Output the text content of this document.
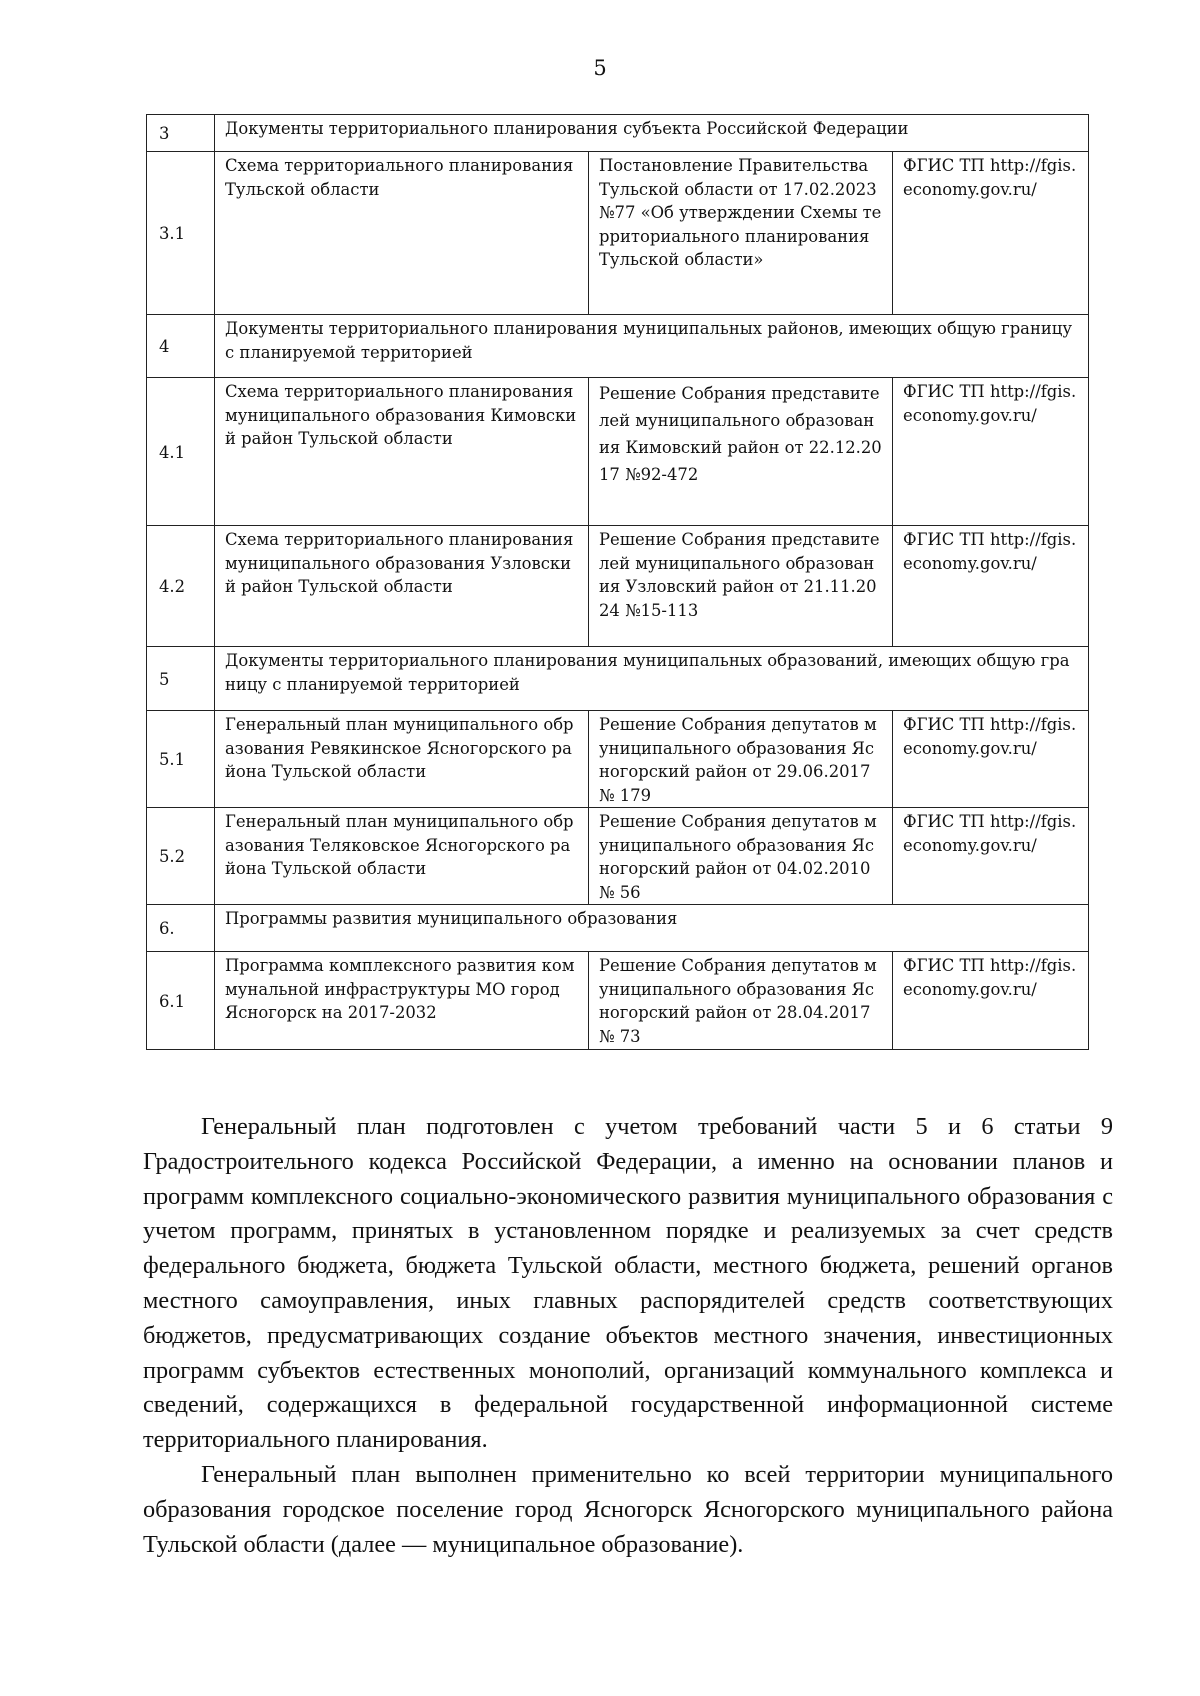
5
3	Документы территориального планирования субъекта Российской Федерации		
3.1	Схема территориального планирования Тульской области	Постановление Правительства Тульской области от 17.02.2023 №77 «Об утверждении Схемы территориального планирования Тульской области»	ФГИС ТП http://fgis.economy.gov.ru/
4	Документы территориального планирования муниципальных районов, имеющих общую границу с планируемой территорией		
4.1	Схема территориального планирования муниципального образования Кимовский район Тульской области	Решение Собрания представителей муниципального образования Кимовский район от 22.12.2017 №92-472	ФГИС ТП http://fgis.economy.gov.ru/
4.2	Схема территориального планирования муниципального образования Узловский район Тульской области	Решение Собрания представителей муниципального образования Узловский район от 21.11.2024 №15-113	ФГИС ТП http://fgis.economy.gov.ru/
5	Документы территориального планирования муниципальных образований, имеющих общую границу с планируемой территорией		
5.1	Генеральный план муниципального образования Ревякинское Ясногорского района Тульской области	Решение Собрания депутатов муниципального образования Ясногорский район от 29.06.2017 № 179	ФГИС ТП http://fgis.economy.gov.ru/
5.2	Генеральный план муниципального образования Теляковское Ясногорского района Тульской области	Решение Собрания депутатов муниципального образования Ясногорский район от 04.02.2010 № 56	ФГИС ТП http://fgis.economy.gov.ru/
6.	Программы развития муниципального образования		
6.1	Программа комплексного развития коммунальной инфраструктуры МО город Ясногорск на 2017-2032	Решение Собрания депутатов муниципального образования Ясногорский район от 28.04.2017 № 73	ФГИС ТП http://fgis.economy.gov.ru/

Генеральный план подготовлен с учетом требований части 5 и 6 статьи 9 Градостроительного кодекса Российской Федерации, а именно на основании планов и программ комплексного социально-экономического развития муниципального образования с учетом программ, принятых в установленном порядке и реализуемых за счет средств федерального бюджета, бюджета Тульской области, местного бюджета, решений органов местного самоуправления, иных главных распорядителей средств соответствующих бюджетов, предусматривающих создание объектов местного значения, инвестиционных программ субъектов естественных монополий, организаций коммунального комплекса и сведений, содержащихся в федеральной государственной информационной системе территориального планирования.

Генеральный план выполнен применительно ко всей территории муниципального образования городское поселение город Ясногорск Ясногорского муниципального района Тульской области (далее — муниципальное образование).
